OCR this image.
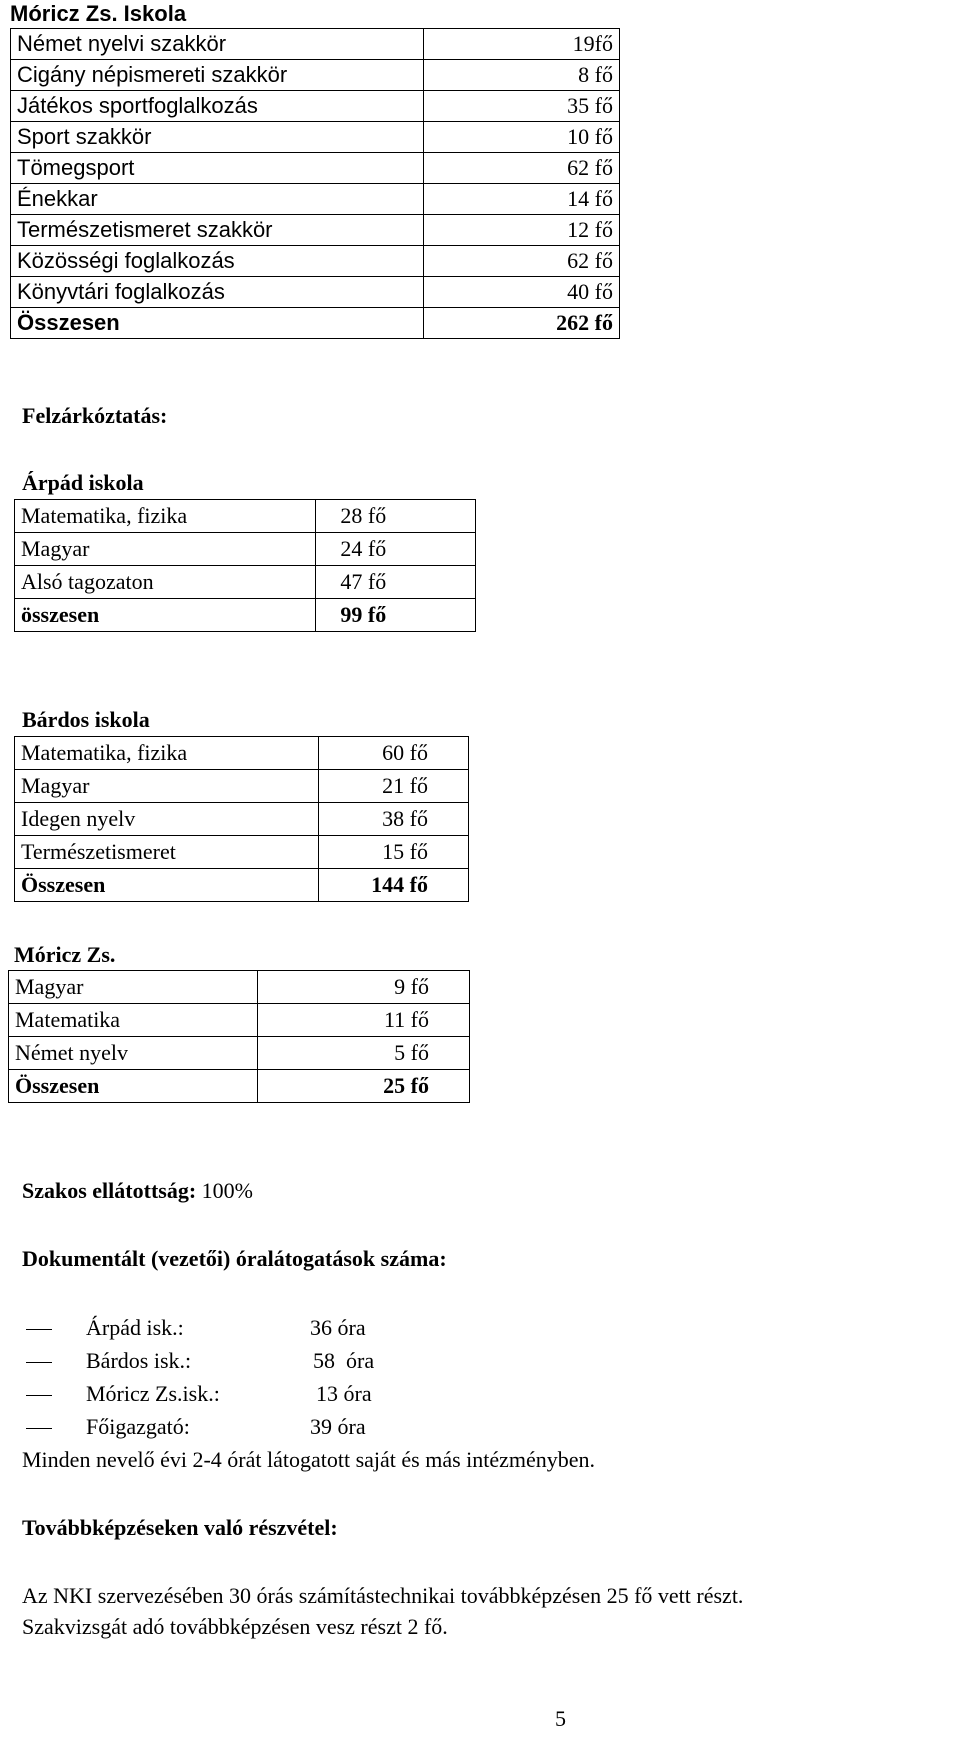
Móricz Zs. Iskola
Német nyelvi szakkör	19fő
Cigány népismereti szakkör	8 fő
Játékos sportfoglalkozás	35 fő
Sport szakkör	10 fő
Tömegsport	62 fő
Énekkar	14 fő
Természetismeret szakkör	12 fő
Közösségi foglalkozás	62 fő
Könyvtári foglalkozás	40 fő
Összesen	262 fő
Felzárkóztatás:
Árpád iskola
Matematika, fizika	28 fő
Magyar	24 fő
Alsó tagozaton	47 fő
összesen	99 fő
Bárdos iskola
Matematika, fizika	60 fő
Magyar	21 fő
Idegen nyelv	38 fő
Természetismeret	15 fő
Összesen	144 fő
Móricz Zs.
Magyar	9 fő
Matematika	11 fő
Német nyelv	5 fő
Összesen	25 fő
Szakos ellátottság: 100%
Dokumentált (vezetői) óralátogatások száma:
Árpád isk.:	36 óra
Bárdos isk.:	58  óra
Móricz Zs.isk.:	13 óra
Főigazgató:	39 óra
Minden nevelő évi 2-4 órát látogatott saját és más intézményben.
Továbbképzéseken való részvétel:
Az NKI szervezésében 30 órás számítástechnikai továbbképzésen 25 fő vett részt.
Szakvizsgát adó továbbképzésen vesz részt 2 fő.
5
